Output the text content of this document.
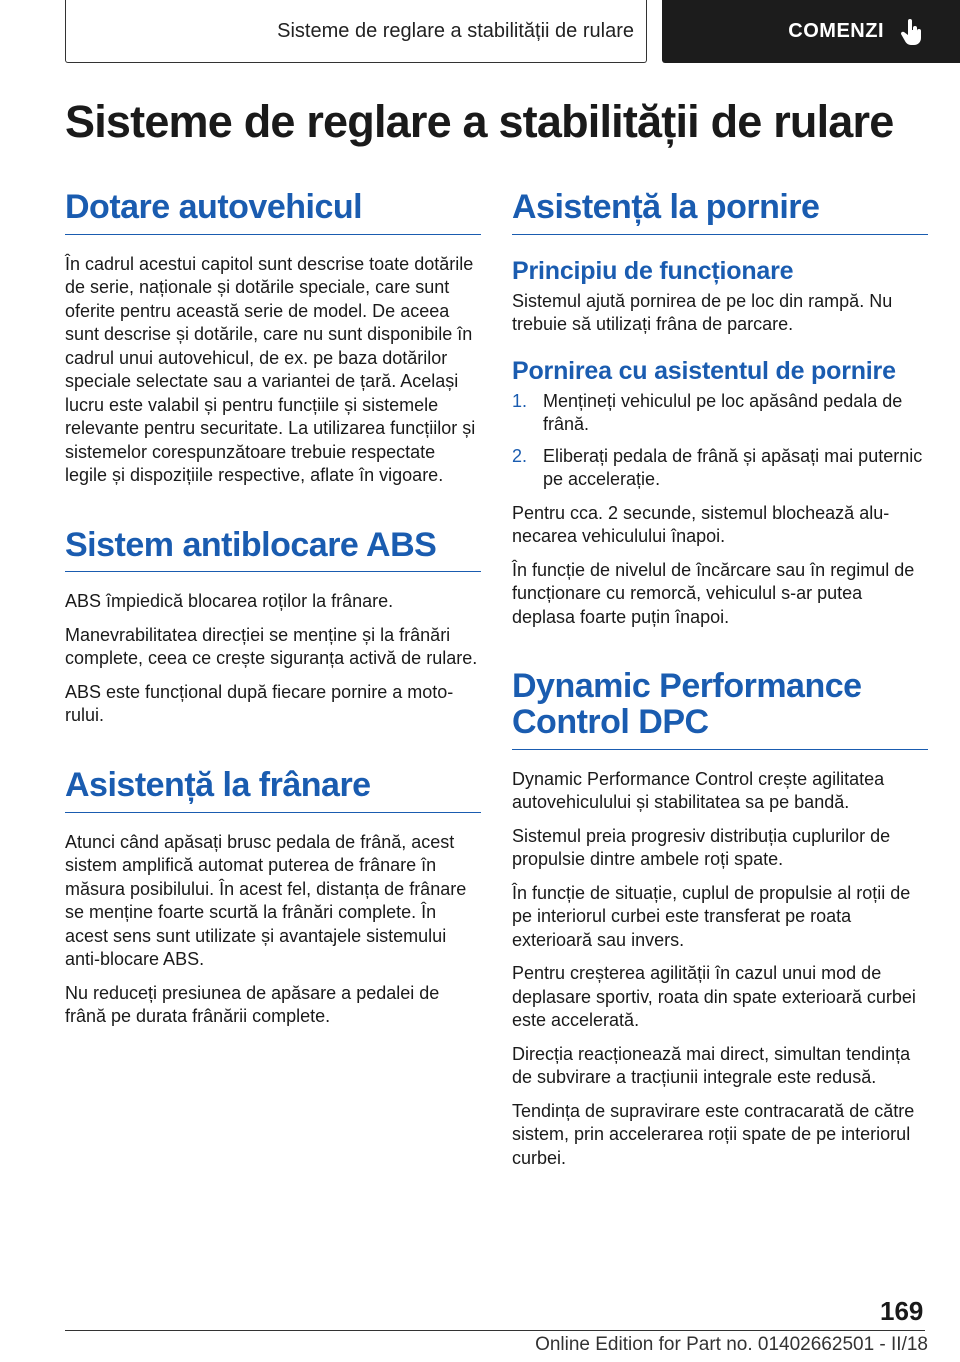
Sisteme de reglare a stabilității de rulare	COMENZI
Sisteme de reglare a stabilității de rulare
Dotare autovehicul

În cadrul acestui capitol sunt descrise toate dotările de serie, naționale și dotările speciale, care sunt oferite pentru această serie de model. De aceea sunt descrise și dotările, care nu sunt disponibile în cadrul unui autovehicul, de ex. pe baza dotărilor speciale selectate sau a variantei de țară. Același lucru este valabil și pentru funcțiile și sistemele relevante pentru securitate. La utilizarea funcțiilor și sistemelor corespunzătoare trebuie respectate legile și dispozițiile respective, aflate în vigoare.

Sistem antiblocare ABS

ABS împiedică blocarea roților la frânare.

Manevrabilitatea direcției se menține și la frânări complete, ceea ce crește siguranța activă de rulare.

ABS este funcțional după fiecare pornire a motorului.

Asistență la frânare

Atunci când apăsați brusc pedala de frână, acest sistem amplifică automat puterea de frânare în măsura posibilului. În acest fel, distanța de frânare se menține foarte scurtă la frânări complete. În acest sens sunt utilizate și avantajele sistemului anti-blocare ABS.

Nu reduceți presiunea de apăsare a pedalei de frână pe durata frânării complete.

Asistență la pornire
Principiu de funcționare

Sistemul ajută pornirea de pe loc din rampă. Nu trebuie să utilizați frâna de parcare.

Pornirea cu asistentul de pornire
1. Mențineți vehiculul pe loc apăsând pedala de frână.
2. Eliberați pedala de frână și apăsați mai puternic pe accelerație.

Pentru cca. 2 secunde, sistemul blochează alunecarea vehiculului înapoi.

În funcție de nivelul de încărcare sau în regimul de funcționare cu remorcă, vehiculul s-ar putea deplasa foarte puțin înapoi.

Dynamic Performance Control DPC

Dynamic Performance Control crește agilitatea autovehiculului și stabilitatea sa pe bandă.

Sistemul preia progresiv distribuția cuplurilor de propulsie dintre ambele roți spate.

În funcție de situație, cuplul de propulsie al roții de pe interiorul curbei este transferat pe roata exterioară sau invers.

Pentru creșterea agilității în cazul unui mod de deplasare sportiv, roata din spate exterioară curbei este accelerată.

Direcția reacționează mai direct, simultan tendința de subvirare a tracțiunii integrale este redusă.

Tendința de supravirare este contracarată de către sistem, prin accelerarea roții spate de pe interiorul curbei.

169
Online Edition for Part no. 01402662501 - II/18
